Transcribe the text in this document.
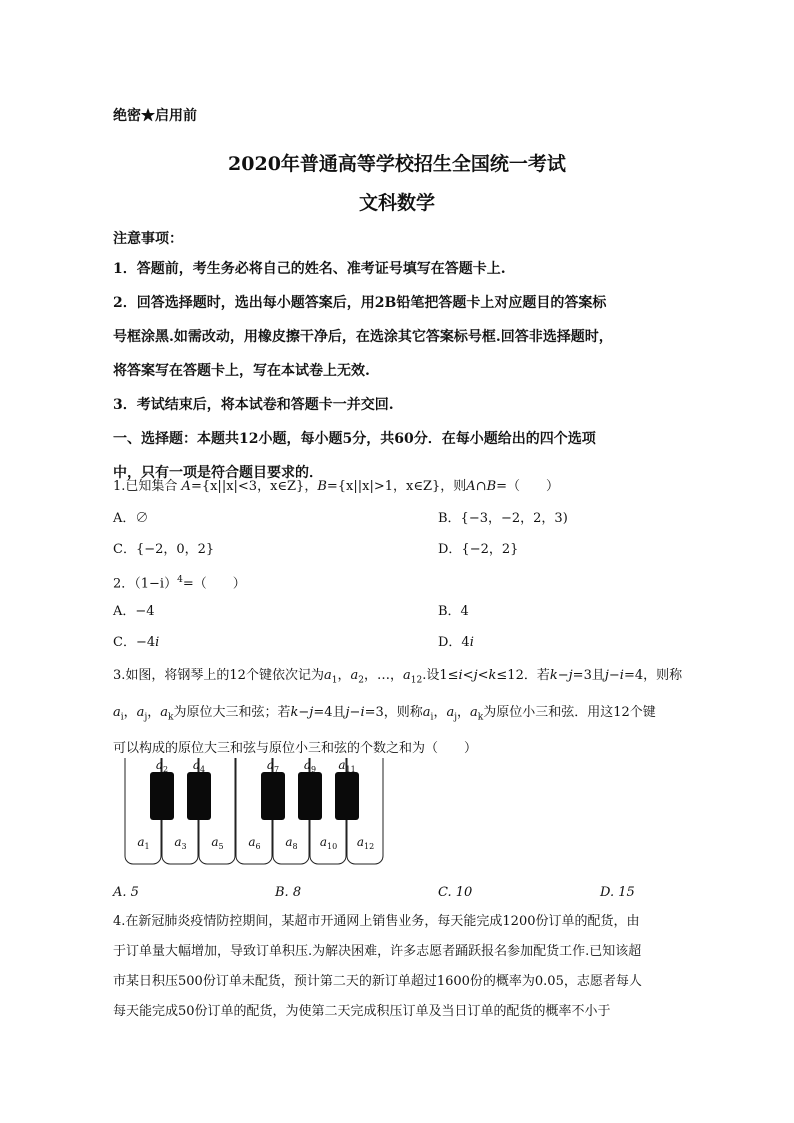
绝密★启用前
2020年普通高等学校招生全国统一考试
文科数学
注意事项：
1．答题前，考生务必将自己的姓名、准考证号填写在答题卡上.
2．回答选择题时，选出每小题答案后，用2B铅笔把答题卡上对应题目的答案标
号框涂黑.如需改动，用橡皮擦干净后，在选涂其它答案标号框.回答非选择题时，
将答案写在答题卡上，写在本试卷上无效.
3．考试结束后，将本试卷和答题卡一并交回.
一、选择题：本题共12小题，每小题5分，共60分．在每小题给出的四个选项
中，只有一项是符合题目要求的．
1.已知集合 A={x||x|<3，x∈Z}，B={x||x|>1，x∈Z}，则A∩B=（　　）
A．∅	B．{−3，−2，2，3)
C．{−2，0，2}	D．{−2，2}
2．$(1-i)^4=$（　　）
A．−4	B．4
C．−4i	D．4i
3.如图，将钢琴上的12个键依次记为$a_1$，$a_2$，…，$a_{12}$.设1≤i<j<k≤12．若k−j=3且j−i=4，则称
$a_i$，$a_j$，$a_k$为原位大三和弦；若k−j=4且j−i=3，则称$a_i$，$a_j$，$a_k$为原位小三和弦．用这12个键
可以构成的原位大三和弦与原位小三和弦的个数之和为（　　）
$a_1$ $a_3$ $a_5$ $a_6$ $a_8$ $a_{10}$ $a_{12}$
$a_2$ $a_4$	$a_7$ $a_9$ $a_{11}$
A. 5	B. 8	C. 10	D. 15
4.在新冠肺炎疫情防控期间，某超市开通网上销售业务，每天能完成1200份订单的配货，由
于订单量大幅增加，导致订单积压.为解决困难，许多志愿者踊跃报名参加配货工作.已知该超
市某日积压500份订单未配货，预计第二天的新订单超过1600份的概率为0.05，志愿者每人
每天能完成50份订单的配货，为使第二天完成积压订单及当日订单的配货的概率不小于
